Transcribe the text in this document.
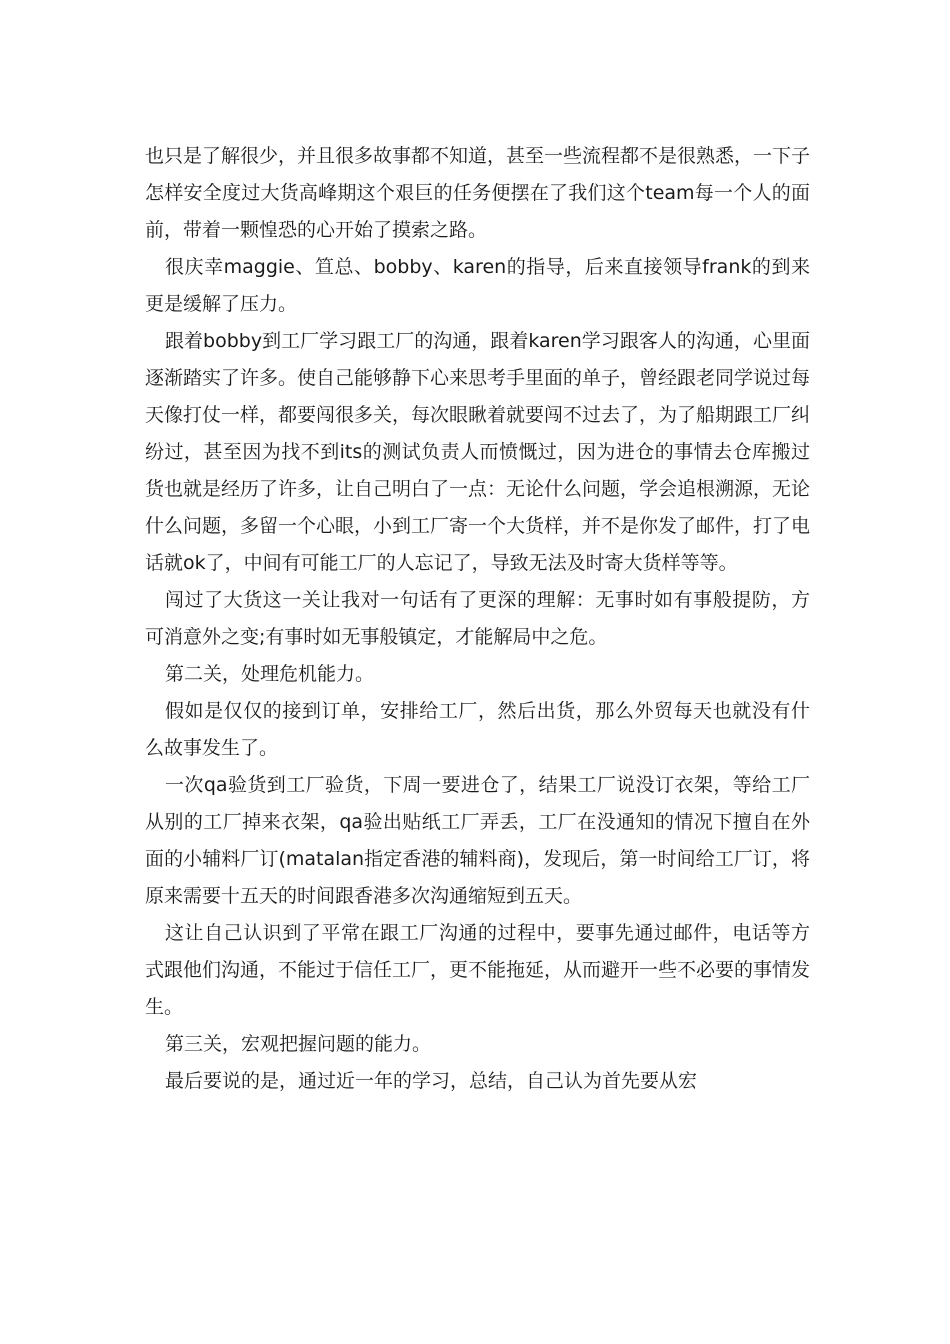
也只是了解很少，并且很多故事都不知道，甚至一些流程都不是很熟悉，一下子怎样安全度过大货高峰期这个艰巨的任务便摆在了我们这个team每一个人的面前，带着一颗惶恐的心开始了摸索之路。

很庆幸maggie、笪总、bobby、karen的指导，后来直接领导frank的到来更是缓解了压力。

跟着bobby到工厂学习跟工厂的沟通，跟着karen学习跟客人的沟通，心里面逐渐踏实了许多。使自己能够静下心来思考手里面的单子，曾经跟老同学说过每天像打仗一样，都要闯很多关，每次眼瞅着就要闯不过去了，为了船期跟工厂纠纷过，甚至因为找不到its的测试负责人而愤慨过，因为进仓的事情去仓库搬过货也就是经历了许多，让自己明白了一点：无论什么问题，学会追根溯源，无论什么问题，多留一个心眼，小到工厂寄一个大货样，并不是你发了邮件，打了电话就ok了，中间有可能工厂的人忘记了，导致无法及时寄大货样等等。

闯过了大货这一关让我对一句话有了更深的理解：无事时如有事般提防，方可消意外之变;有事时如无事般镇定，才能解局中之危。

第二关，处理危机能力。

假如是仅仅的接到订单，安排给工厂，然后出货，那么外贸每天也就没有什么故事发生了。

一次qa验货到工厂验货，下周一要进仓了，结果工厂说没订衣架，等给工厂从别的工厂掉来衣架，qa验出贴纸工厂弄丢，工厂在没通知的情况下擅自在外面的小辅料厂订(matalan指定香港的辅料商)，发现后，第一时间给工厂订，将原来需要十五天的时间跟香港多次沟通缩短到五天。

这让自己认识到了平常在跟工厂沟通的过程中，要事先通过邮件，电话等方式跟他们沟通，不能过于信任工厂，更不能拖延，从而避开一些不必要的事情发生。

第三关，宏观把握问题的能力。

最后要说的是，通过近一年的学习，总结，自己认为首先要从宏
